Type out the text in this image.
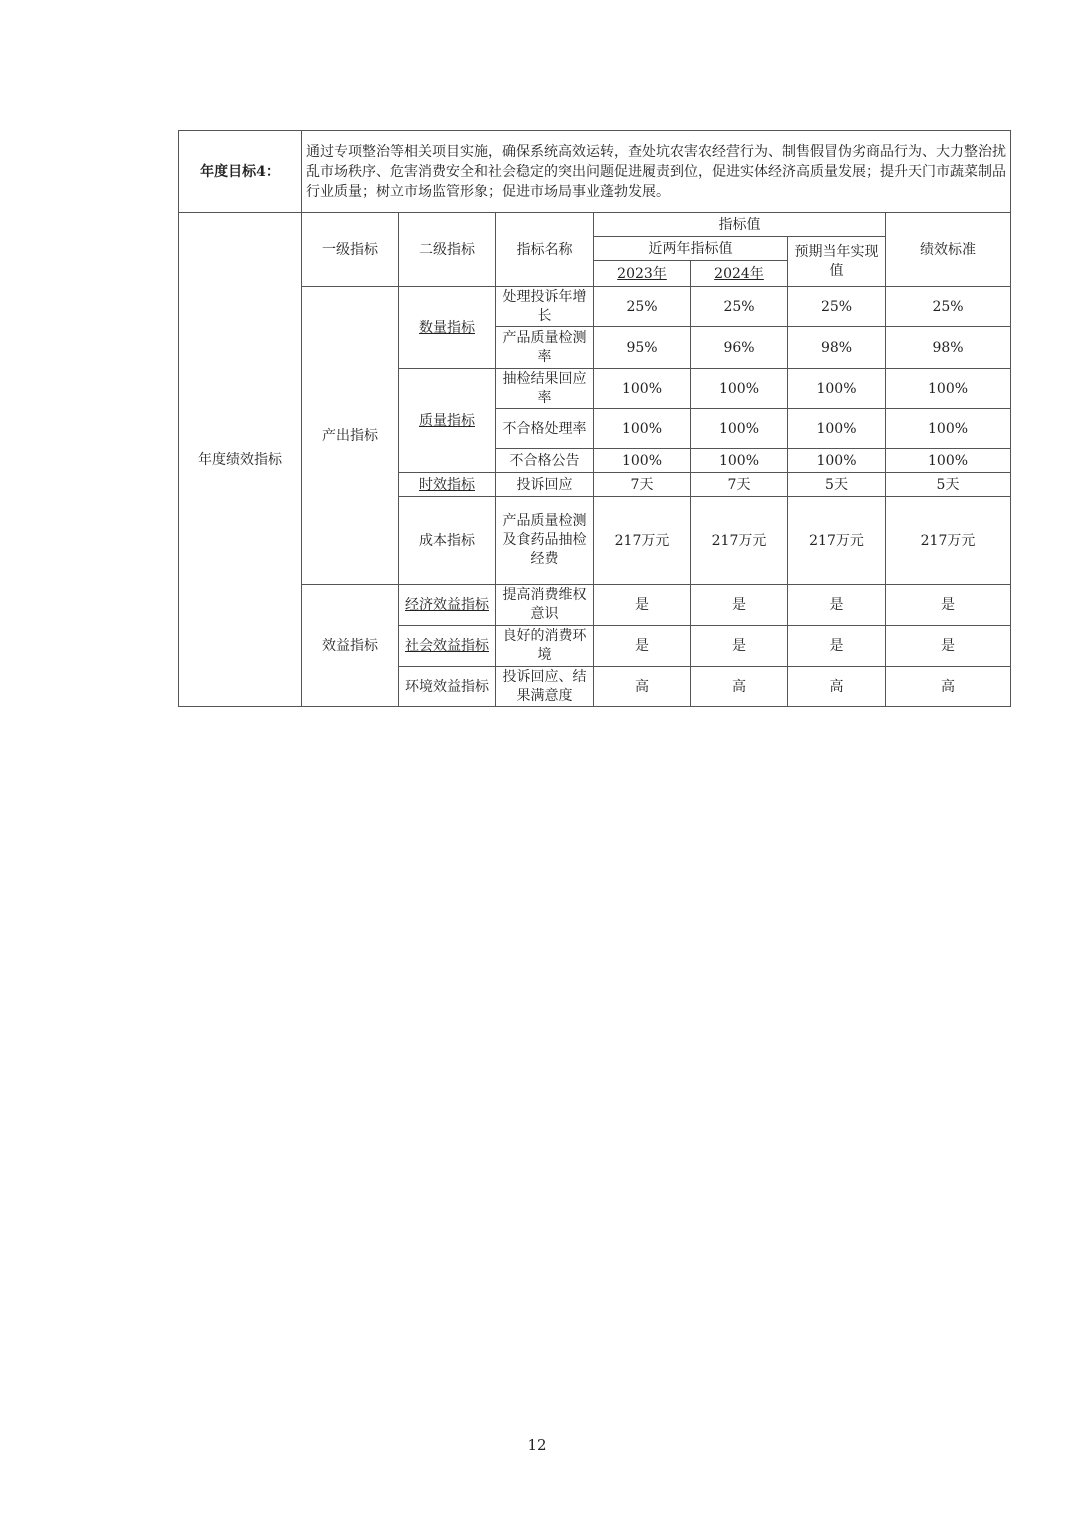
年度目标4：	通过专项整治等相关项目实施，确保系统高效运转，查处坑农害农经营行为、制售假冒伪劣商品行为、大力整治扰乱市场秩序、危害消费安全和社会稳定的突出问题促进履责到位，促进实体经济高质量发展；提升天门市蔬菜制品行业质量；树立市场监管形象；促进市场局事业蓬勃发展。						
年度绩效指标	一级指标	二级指标	指标名称	指标值			绩效标准
				近两年指标值		预期当年实现值	
				2023年	2024年		
	产出指标	数量指标	处理投诉年增长	25%	25%	25%	25%
			产品质量检测率	95%	96%	98%	98%
		质量指标	抽检结果回应率	100%	100%	100%	100%
			不合格处理率	100%	100%	100%	100%
			不合格公告	100%	100%	100%	100%
		时效指标	投诉回应	7天	7天	5天	5天
		成本指标	产品质量检测及食药品抽检经费	217万元	217万元	217万元	217万元
	效益指标	经济效益指标	提高消费维权意识	是	是	是	是
		社会效益指标	良好的消费环境	是	是	是	是
		环境效益指标	投诉回应、结果满意度	高	高	高	高
12
